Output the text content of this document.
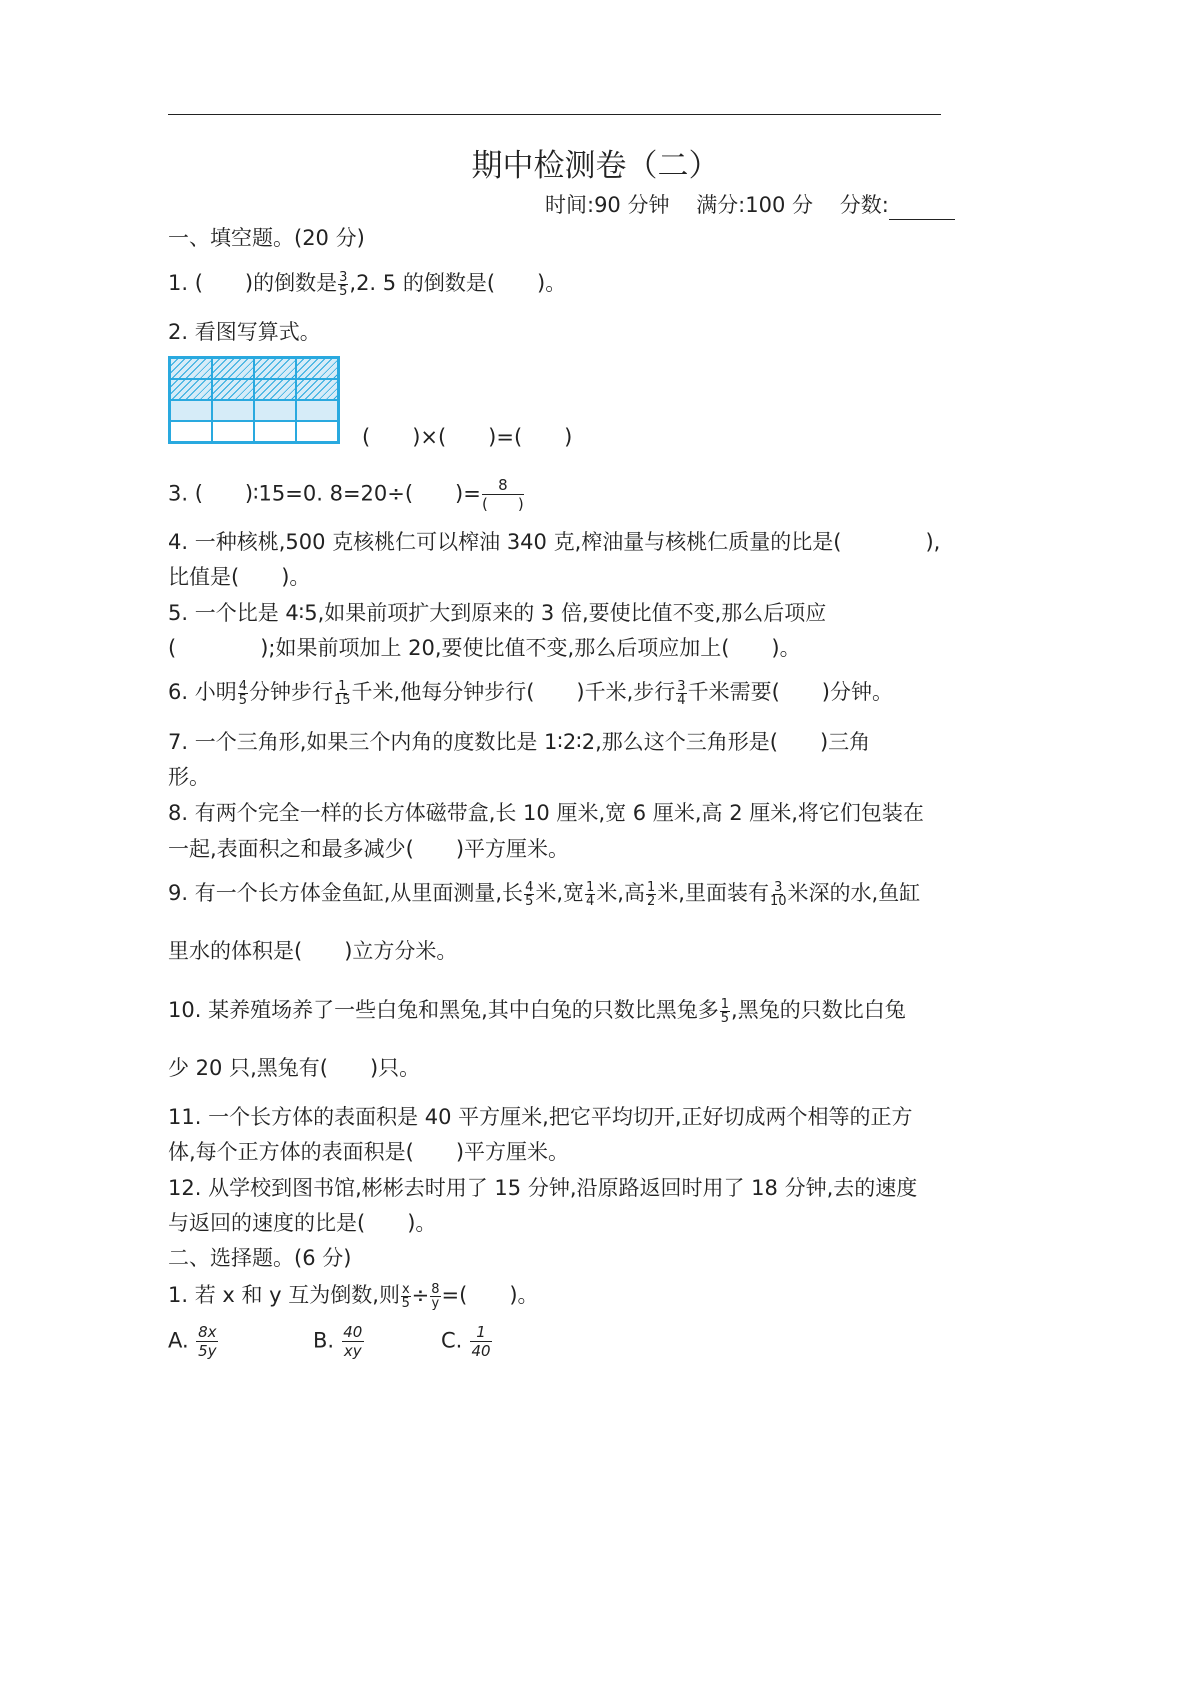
期中检测卷（二）
时间:90 分钟 满分:100 分 分数:
一、填空题。(20 分)
1. (　　)的倒数是 $\frac{3}{5} ,2$. 5 的倒数是(　　)。
2. 看图写算式。
(　　)×(　　)=(　　)
3. (　　)∶15=0. 8=20÷(　　)= $\frac{8}{( )}$
4. 一种核桃,500 克核桃仁可以榨油 340 克,榨油量与核桃仁质量的比是(　　　　),
比值是(　　)。
5. 一个比是 4∶5,如果前项扩大到原来的 3 倍,要使比值不变,那么后项应
(　　　　);如果前项加上 20,要使比值不变,那么后项应加上(　　)。
6. 小明 $\frac{4}{5}$ 分钟步行 $\frac{1}{15}$ 千米,他每分钟步行(　　)千米,步行 $\frac{3}{4}$ 千米需要(　　)分钟。
7. 一个三角形,如果三个内角的度数比是 1∶2∶2,那么这个三角形是(　　)三角
形。
8. 有两个完全一样的长方体磁带盒,长 10 厘米,宽 6 厘米,高 2 厘米,将它们包装在
一起,表面积之和最多减少(　　)平方厘米。
9. 有一个长方体金鱼缸,从里面测量,长 $\frac{4}{5}$ 米,宽 $\frac{1}{4}$ 米,高 $\frac{1}{2}$ 米,里面装有 $\frac{3}{10}$ 米深的水,鱼缸
里水的体积是(　　)立方分米。
10. 某养殖场养了一些白兔和黑兔,其中白兔的只数比黑兔多 $\frac{1}{5}$ ,黑兔的只数比白兔
少 20 只,黑兔有(　　)只。
11. 一个长方体的表面积是 40 平方厘米,把它平均切开,正好切成两个相等的正方
体,每个正方体的表面积是(　　)平方厘米。
12. 从学校到图书馆,彬彬去时用了 15 分钟,沿原路返回时用了 18 分钟,去的速度
与返回的速度的比是(　　)。
二、选择题。(6 分)
1. 若 x 和 y 互为倒数,则 $\frac{x}{5} \div \frac{8}{y}$ =(　　)。
A. $\frac{8x}{5y}$	B. $\frac{40}{xy}$	C. $\frac{1}{40}$
